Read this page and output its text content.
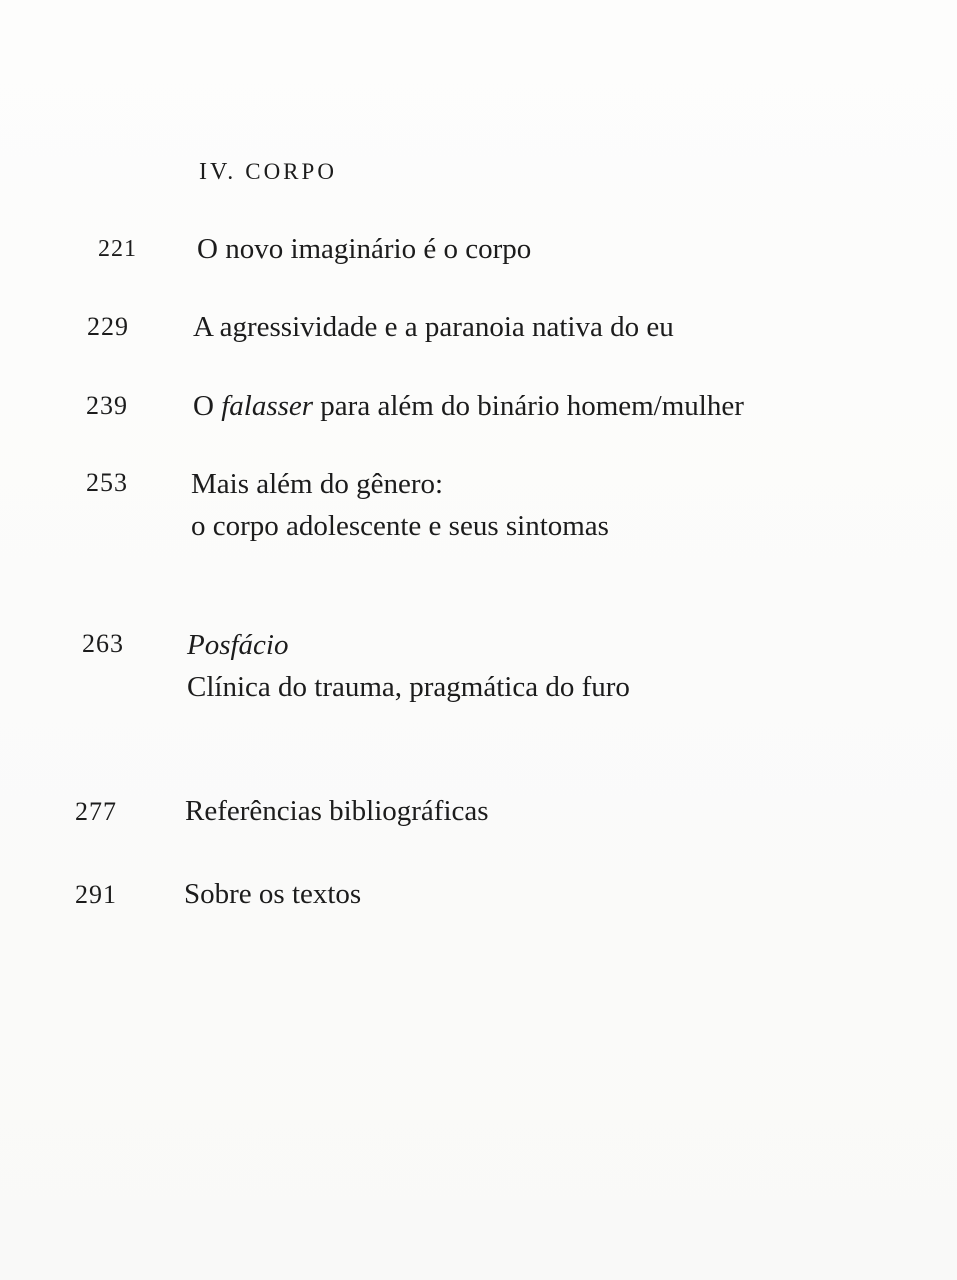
IV. CORPO
221 O novo imaginário é o corpo
229 A agressividade e a paranoia nativa do eu
239 O falasser para além do binário homem/mulher
253 Mais além do gênero:
o corpo adolescente e seus sintomas
263 Posfácio
Clínica do trauma, pragmática do furo
277 Referências bibliográficas
291 Sobre os textos
